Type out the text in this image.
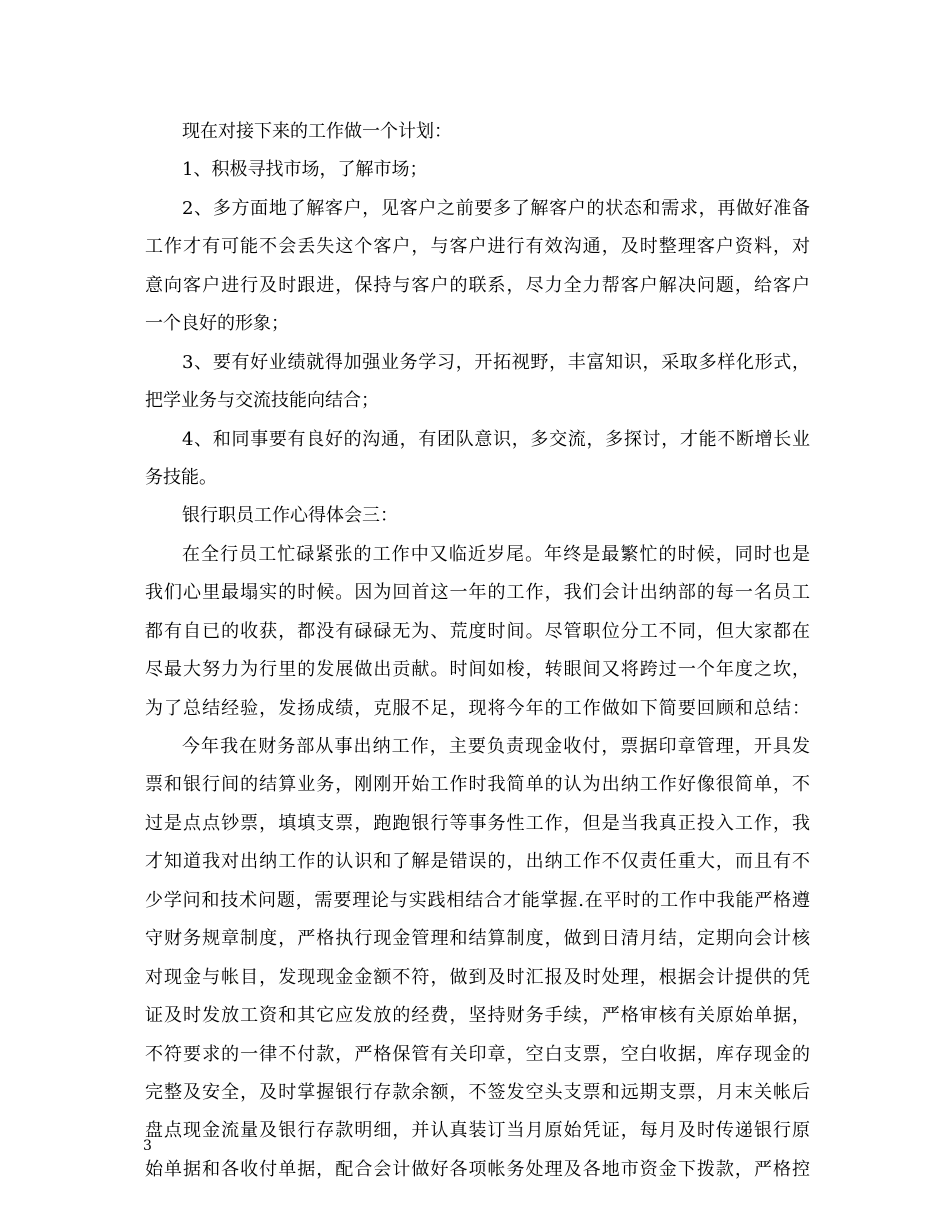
现在对接下来的工作做一个计划：
1、积极寻找市场，了解市场；
2、多方面地了解客户，见客户之前要多了解客户的状态和需求，再做好准备
工作才有可能不会丢失这个客户，与客户进行有效沟通，及时整理客户资料，对
意向客户进行及时跟进，保持与客户的联系，尽力全力帮客户解决问题，给客户
一个良好的形象；
3、要有好业绩就得加强业务学习，开拓视野，丰富知识，采取多样化形式，
把学业务与交流技能向结合；
4、和同事要有良好的沟通，有团队意识，多交流，多探讨，才能不断增长业
务技能。
银行职员工作心得体会三：
在全行员工忙碌紧张的工作中又临近岁尾。年终是最繁忙的时候，同时也是
我们心里最塌实的时候。因为回首这一年的工作，我们会计出纳部的每一名员工
都有自已的收获，都没有碌碌无为、荒度时间。尽管职位分工不同，但大家都在
尽最大努力为行里的发展做出贡献。时间如梭，转眼间又将跨过一个年度之坎，
为了总结经验，发扬成绩，克服不足，现将今年的工作做如下简要回顾和总结：
今年我在财务部从事出纳工作，主要负责现金收付，票据印章管理，开具发
票和银行间的结算业务，刚刚开始工作时我简单的认为出纳工作好像很简单，不
过是点点钞票，填填支票，跑跑银行等事务性工作，但是当我真正投入工作，我
才知道我对出纳工作的认识和了解是错误的，出纳工作不仅责任重大，而且有不
少学问和技术问题，需要理论与实践相结合才能掌握.在平时的工作中我能严格遵
守财务规章制度，严格执行现金管理和结算制度，做到日清月结，定期向会计核
对现金与帐目，发现现金金额不符，做到及时汇报及时处理，根据会计提供的凭
证及时发放工资和其它应发放的经费，坚持财务手续，严格审核有关原始单据，
不符要求的一律不付款，严格保管有关印章，空白支票，空白收据，库存现金的
完整及安全，及时掌握银行存款余额，不签发空头支票和远期支票，月末关帐后
盘点现金流量及银行存款明细，并认真装订当月原始凭证，每月及时传递银行原
始单据和各收付单据，配合会计做好各项帐务处理及各地市资金下拨款，严格控
3
